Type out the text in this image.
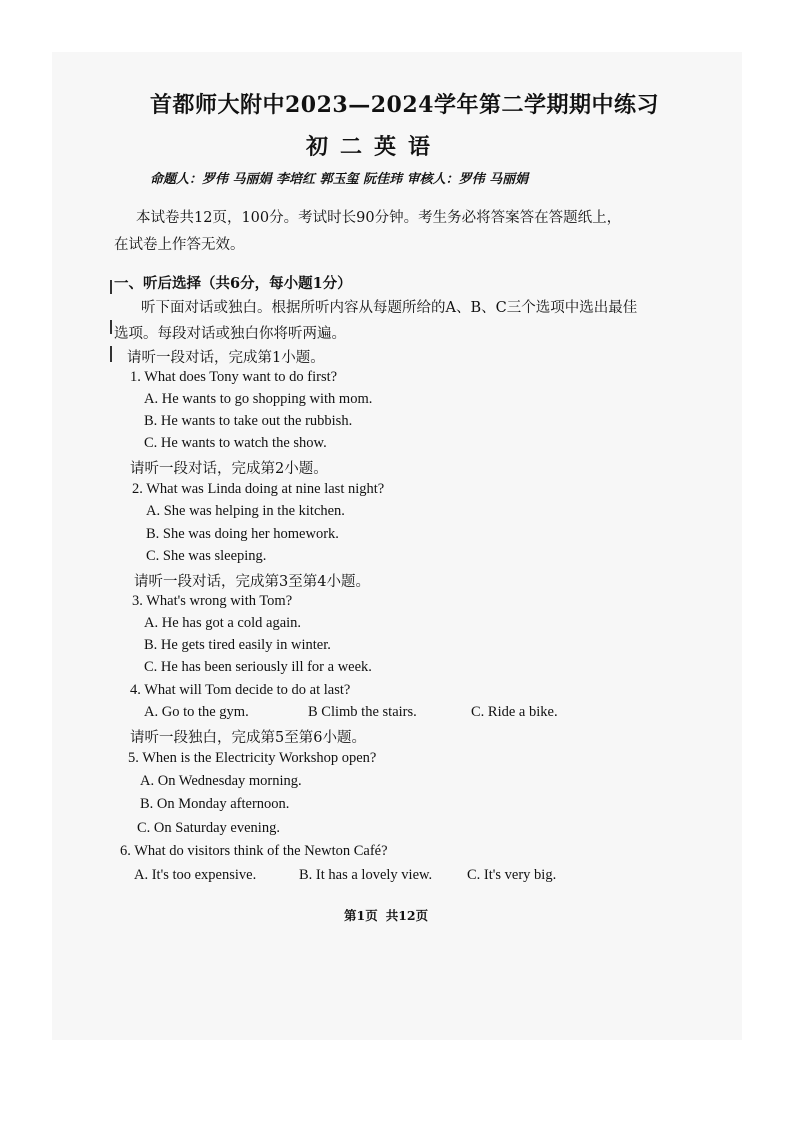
首都师大附中2023—2024学年第二学期期中练习
初二英语
命题人：罗伟 马丽娟 李培红 郭玉玺 阮佳玮 审核人：罗伟 马丽娟
本试卷共12页，100分。考试时长90分钟。考生务必将答案答在答题纸上，
在试卷上作答无效。
一、听后选择（共6分，每小题1分）
听下面对话或独白。根据所听内容从每题所给的A、B、C三个选项中选出最佳
选项。每段对话或独白你将听两遍。
请听一段对话，完成第1小题。
1. What does Tony want to do first?
A. He wants to go shopping with mom.
B. He wants to take out the rubbish.
C. He wants to watch the show.
请听一段对话，完成第2小题。
2. What was Linda doing at nine last night?
A. She was helping in the kitchen.
B. She was doing her homework.
C. She was sleeping.
请听一段对话，完成第3至第4小题。
3. What's wrong with Tom?
A. He has got a cold again.
B. He gets tired easily in winter.
C. He has been seriously ill for a week.
4. What will Tom decide to do at last?
A. Go to the gym.	B Climb the stairs.	C. Ride a bike.
请听一段独白，完成第5至第6小题。
5. When is the Electricity Workshop open?
A. On Wednesday morning.
B. On Monday afternoon.
C. On Saturday evening.
6. What do visitors think of the Newton Café?
A. It's too expensive.	B. It has a lovely view. C. It's very big.
第1页 共12页
